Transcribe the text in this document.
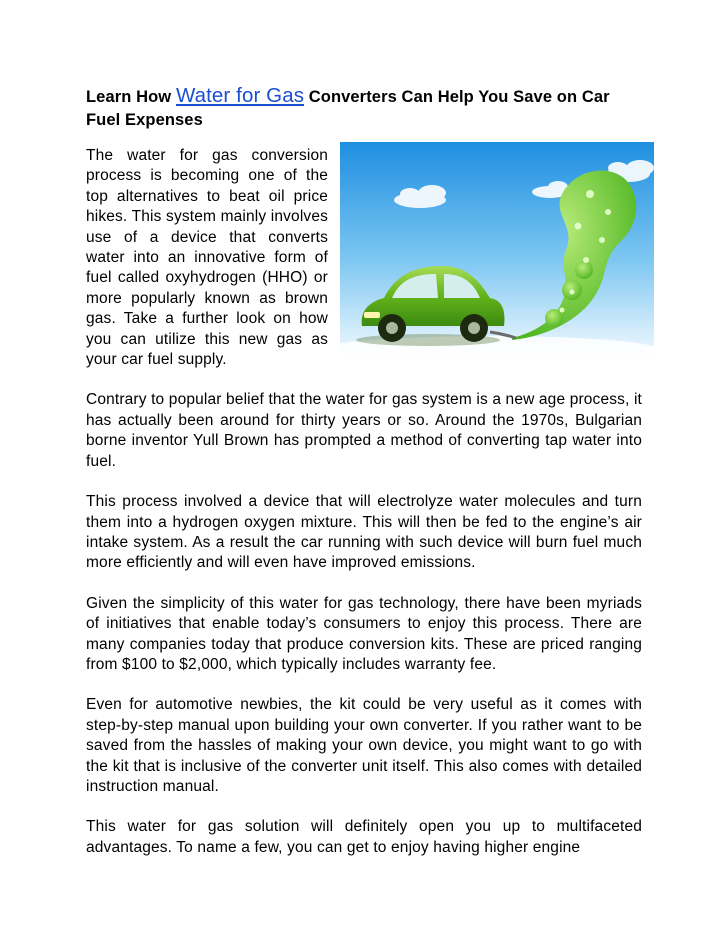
Learn How Water for Gas Converters Can Help You Save on Car Fuel Expenses

The water for gas conversion process is becoming one of the top alternatives to beat oil price hikes. This system mainly involves use of a device that converts water into an innovative form of fuel called oxyhydrogen (HHO) or more popularly known as brown gas. Take a further look on how you can utilize this new gas as your car fuel supply.

Contrary to popular belief that the water for gas system is a new age process, it has actually been around for thirty years or so. Around the 1970s, Bulgarian borne inventor Yull Brown has prompted a method of converting tap water into fuel.

This process involved a device that will electrolyze water molecules and turn them into a hydrogen oxygen mixture. This will then be fed to the engine’s air intake system. As a result the car running with such device will burn fuel much more efficiently and will even have improved emissions.

Given the simplicity of this water for gas technology, there have been myriads of initiatives that enable today’s consumers to enjoy this process. There are many companies today that produce conversion kits. These are priced ranging from $100 to $2,000, which typically includes warranty fee.

Even for automotive newbies, the kit could be very useful as it comes with step-by-step manual upon building your own converter. If you rather want to be saved from the hassles of making your own device, you might want to go with the kit that is inclusive of the converter unit itself. This also comes with detailed instruction manual.

This water for gas solution will definitely open you up to multifaceted advantages. To name a few, you can get to enjoy having higher engine
